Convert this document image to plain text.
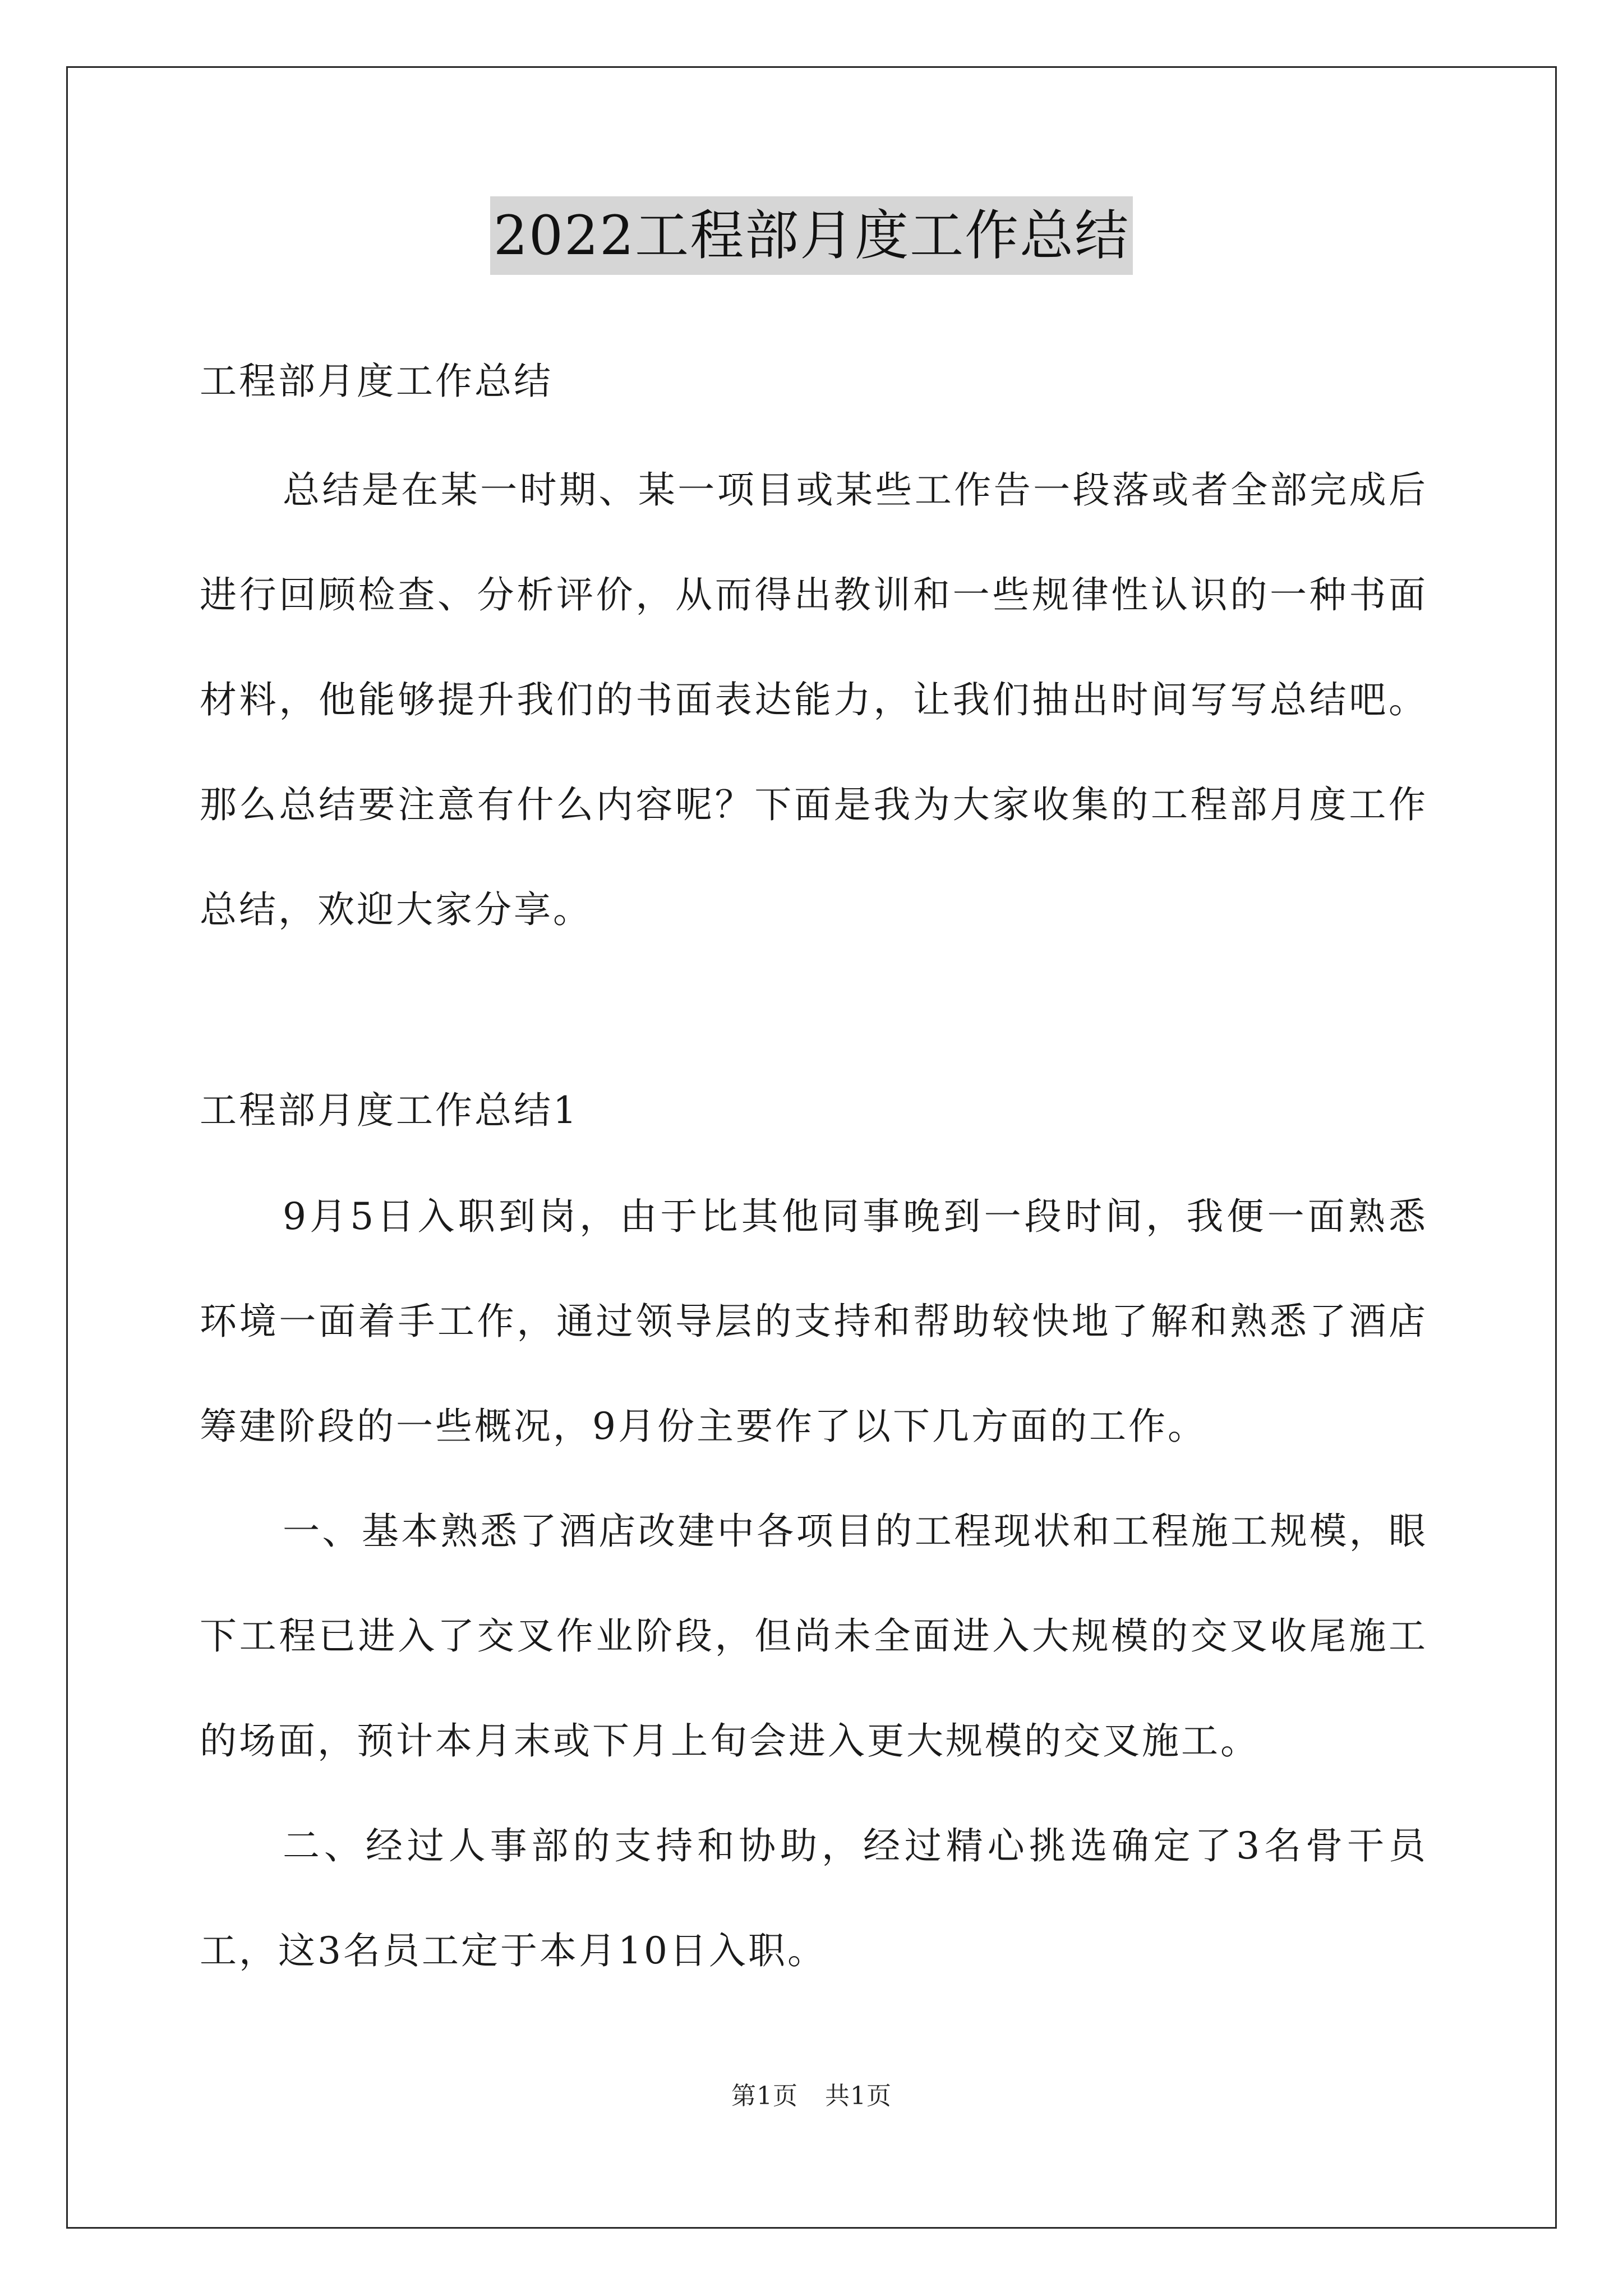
2022工程部月度工作总结

工程部月度工作总结

总结是在某一时期、某一项目或某些工作告一段落或者全部完成后进行回顾检查、分析评价，从而得出教训和一些规律性认识的一种书面材料，他能够提升我们的书面表达能力，让我们抽出时间写写总结吧。那么总结要注意有什么内容呢？下面是我为大家收集的工程部月度工作总结，欢迎大家分享。

工程部月度工作总结1

9月5日入职到岗，由于比其他同事晚到一段时间，我便一面熟悉环境一面着手工作，通过领导层的支持和帮助较快地了解和熟悉了酒店筹建阶段的一些概况，9月份主要作了以下几方面的工作。

一、基本熟悉了酒店改建中各项目的工程现状和工程施工规模，眼下工程已进入了交叉作业阶段，但尚未全面进入大规模的交叉收尾施工的场面，预计本月末或下月上旬会进入更大规模的交叉施工。

二、经过人事部的支持和协助，经过精心挑选确定了3名骨干员工，这3名员工定于本月10日入职。

第1页 共1页
